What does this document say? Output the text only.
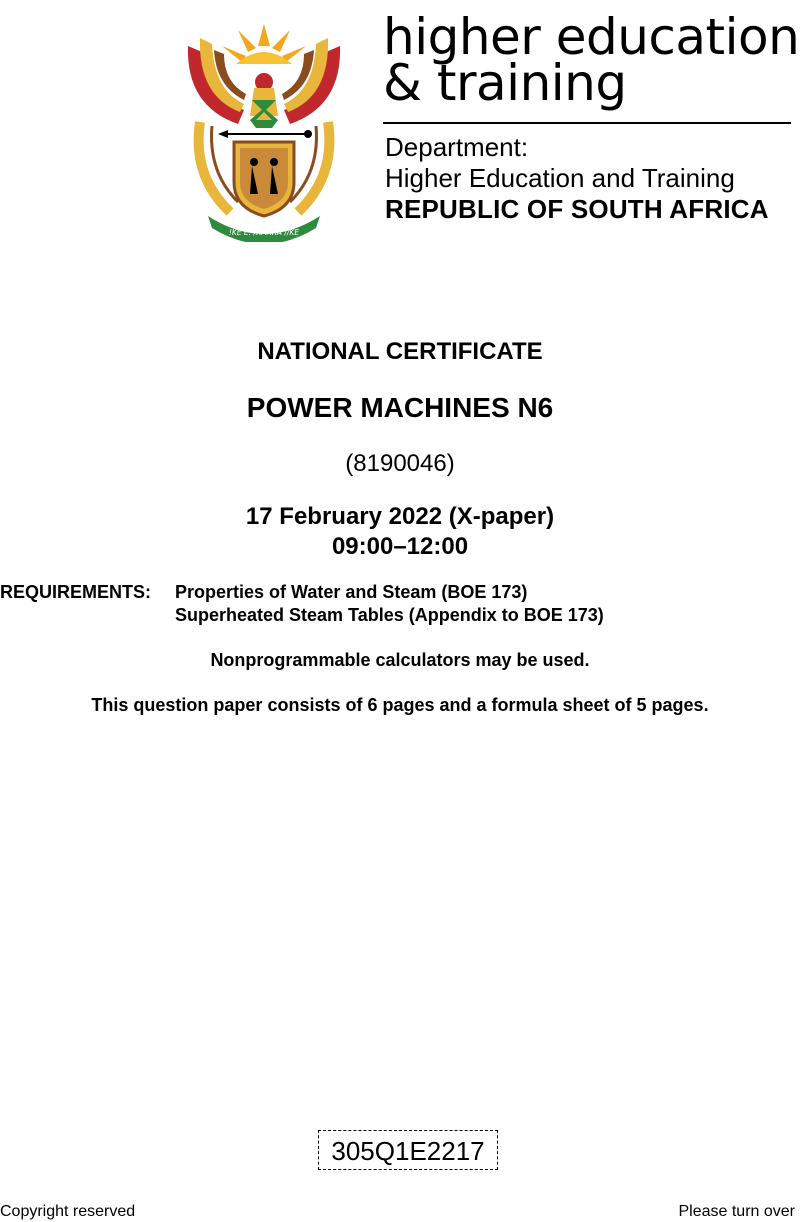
!KE E: /XARRA //KE
higher education
& training
Department:
Higher Education and Training
REPUBLIC OF SOUTH AFRICA
NATIONAL CERTIFICATE
POWER MACHINES N6
(8190046)
17 February 2022 (X-paper)
09:00–12:00
REQUIREMENTS: Properties of Water and Steam (BOE 173)
Superheated Steam Tables (Appendix to BOE 173)
Nonprogrammable calculators may be used.
This question paper consists of 6 pages and a formula sheet of 5 pages.
305Q1E2217
Copyright reserved	Please turn over
